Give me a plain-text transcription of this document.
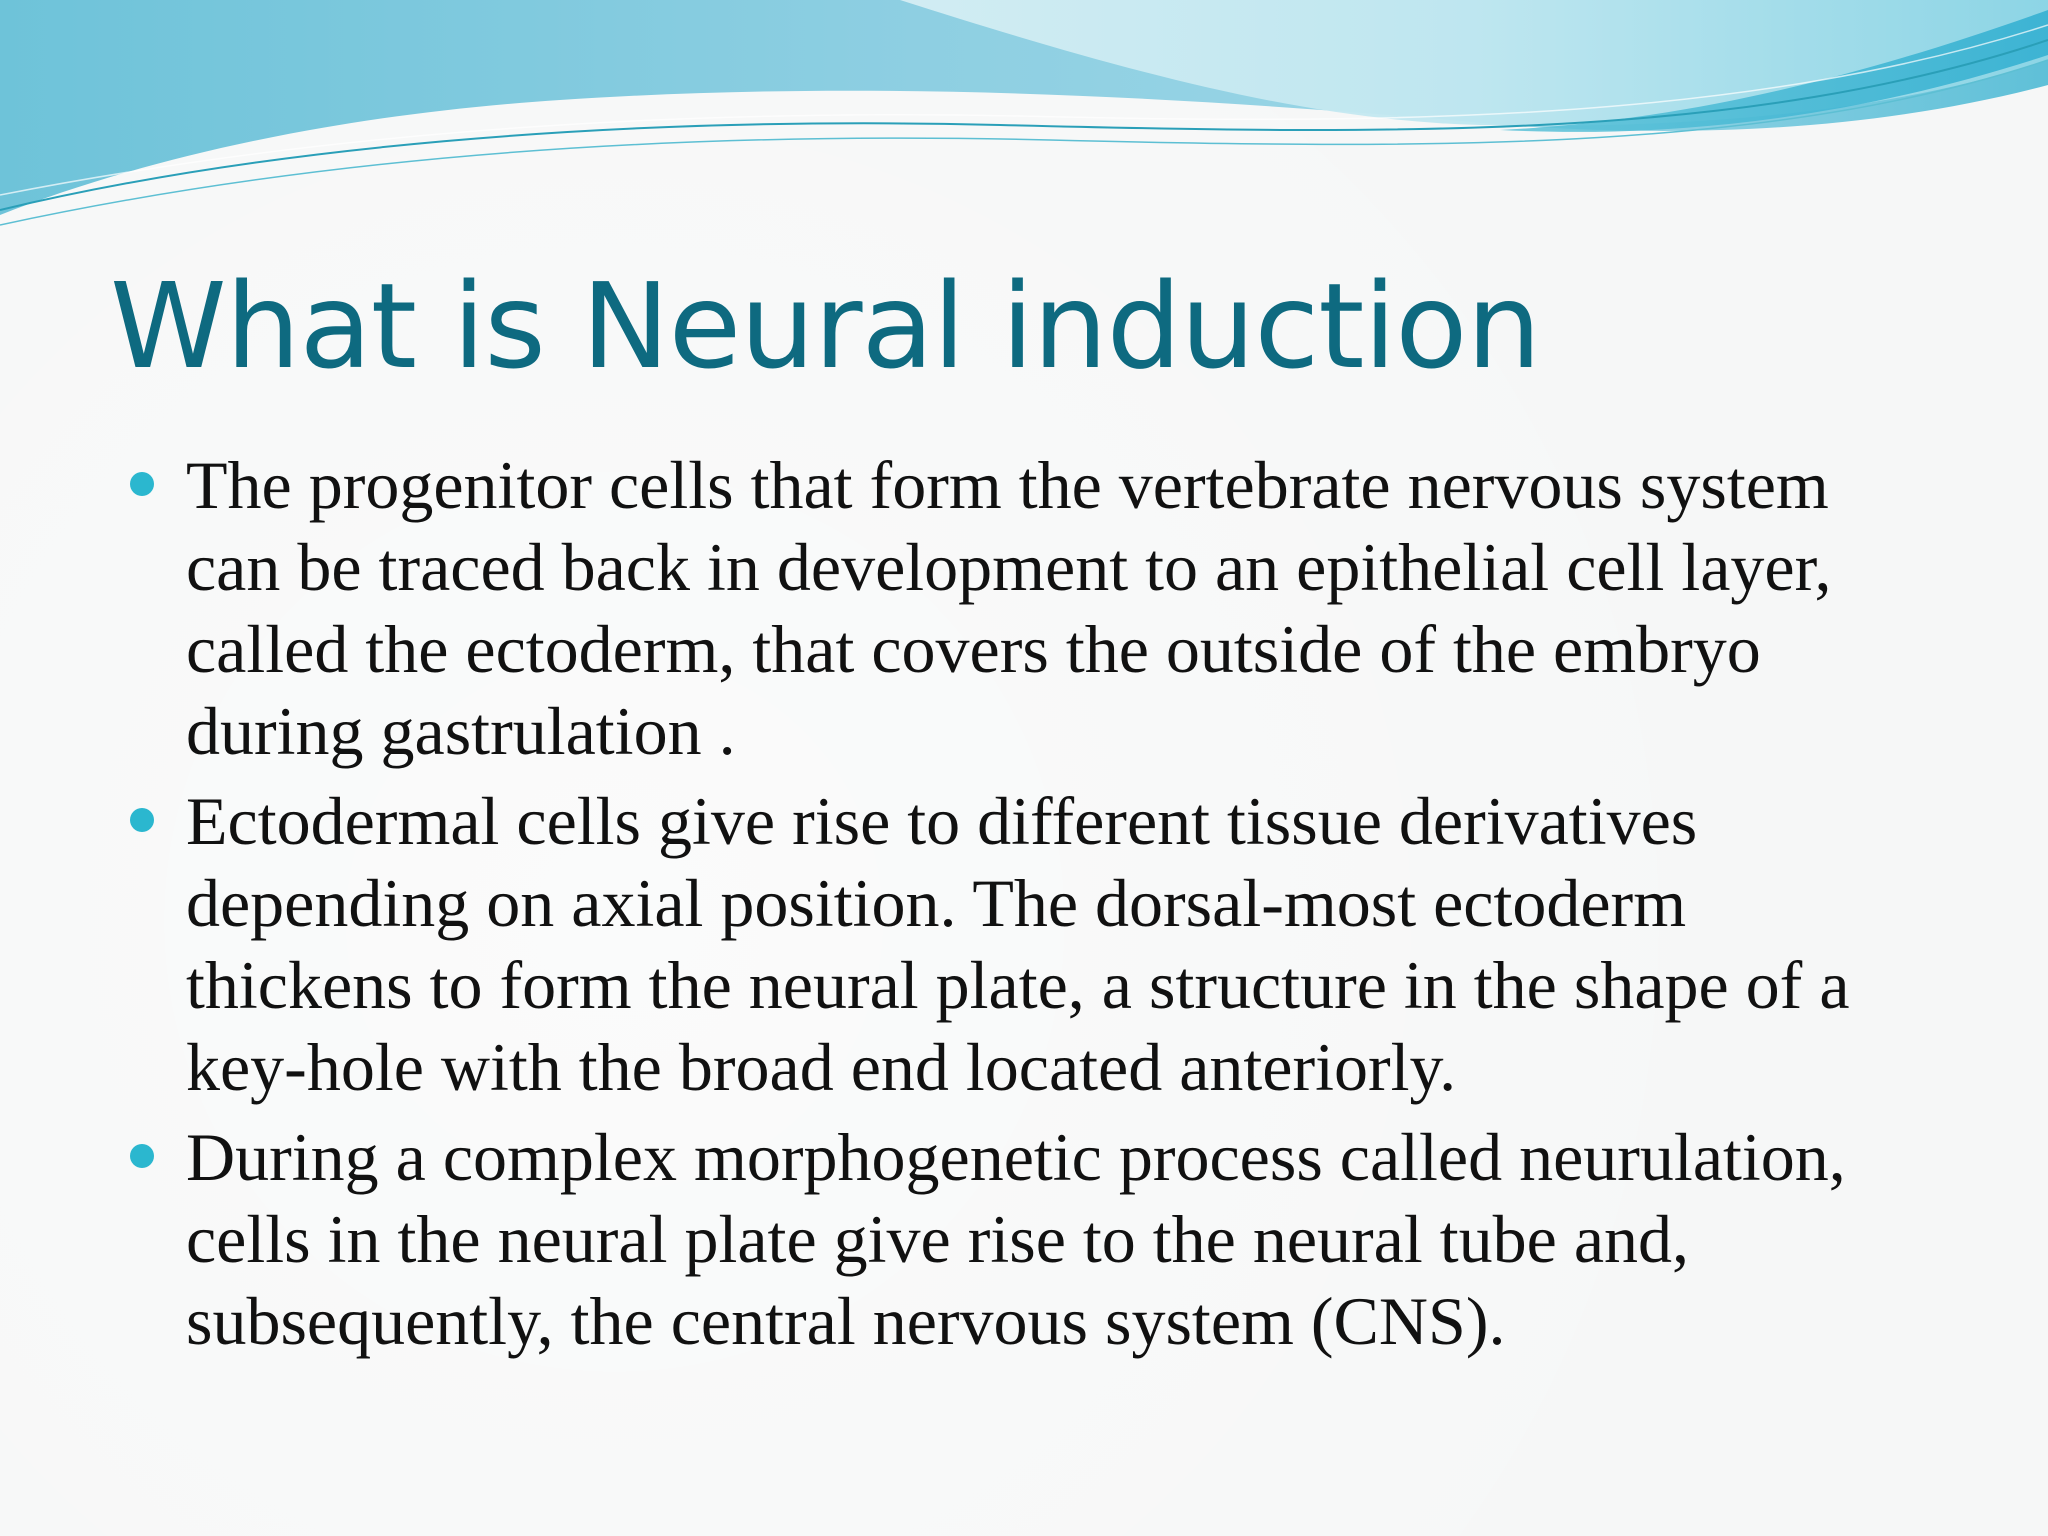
What is Neural induction
The progenitor cells that form the vertebrate nervous system can be traced back in development to an epithelial cell layer, called the ectoderm, that covers the outside of the embryo during gastrulation .
Ectodermal cells give rise to different tissue derivatives depending on axial position. The dorsal-most ectoderm thickens to form the neural plate, a structure in the shape of a key-hole with the broad end located anteriorly.
During a complex morphogenetic process called neurulation, cells in the neural plate give rise to the neural tube and, subsequently, the central nervous system (CNS).
